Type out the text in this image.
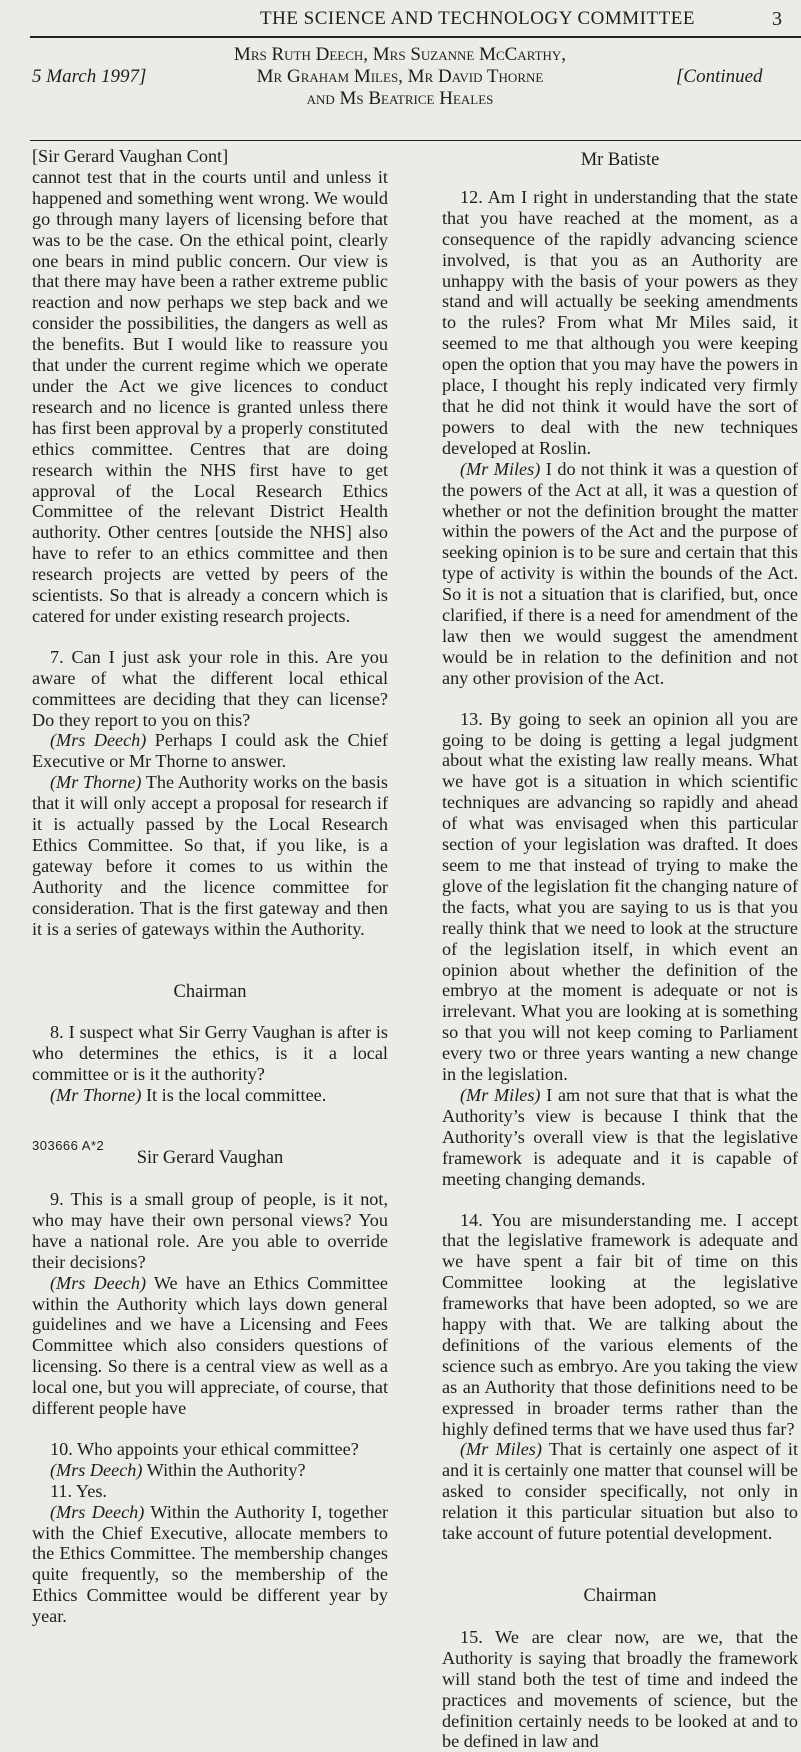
THE SCIENCE AND TECHNOLOGY COMMITTEE	3
5 March 1997]
Mrs Ruth Deech, Mrs Suzanne McCarthy,
Mr Graham Miles, Mr David Thorne
and Ms Beatrice Heales
[Continued

[Sir Gerard Vaughan Cont]

cannot test that in the courts until and unless it happened and something went wrong. We would go through many layers of licensing before that was to be the case. On the ethical point, clearly one bears in mind public concern. Our view is that there may have been a rather extreme public reaction and now perhaps we step back and we consider the possibilities, the dangers as well as the benefits. But I would like to reassure you that under the current regime which we operate under the Act we give licences to conduct research and no licence is granted unless there has first been approval by a properly constituted ethics committee. Centres that are doing research within the NHS first have to get approval of the Local Research Ethics Committee of the relevant District Health authority. Other centres [outside the NHS] also have to refer to an ethics committee and then research projects are vetted by peers of the scientists. So that is already a concern which is catered for under existing research projects.

7. Can I just ask your role in this. Are you aware of what the different local ethical committees are deciding that they can license? Do they report to you on this?

(Mrs Deech) Perhaps I could ask the Chief Executive or Mr Thorne to answer.

(Mr Thorne) The Authority works on the basis that it will only accept a proposal for research if it is actually passed by the Local Research Ethics Committee. So that, if you like, is a gateway before it comes to us within the Authority and the licence committee for consideration. That is the first gateway and then it is a series of gateways within the Authority.

Chairman

8. I suspect what Sir Gerry Vaughan is after is who determines the ethics, is it a local committee or is it the authority?

(Mr Thorne) It is the local committee.

Sir Gerard Vaughan

9. This is a small group of people, is it not, who may have their own personal views? You have a national role. Are you able to override their decisions?

(Mrs Deech) We have an Ethics Committee within the Authority which lays down general guidelines and we have a Licensing and Fees Committee which also considers questions of licensing. So there is a central view as well as a local one, but you will appreciate, of course, that different people have

10. Who appoints your ethical committee?

(Mrs Deech) Within the Authority?

11. Yes.

(Mrs Deech) Within the Authority I, together with the Chief Executive, allocate members to the Ethics Committee. The membership changes quite frequently, so the membership of the Ethics Committee would be different year by year.

Mr Batiste

12. Am I right in understanding that the state that you have reached at the moment, as a consequence of the rapidly advancing science involved, is that you as an Authority are unhappy with the basis of your powers as they stand and will actually be seeking amendments to the rules? From what Mr Miles said, it seemed to me that although you were keeping open the option that you may have the powers in place, I thought his reply indicated very firmly that he did not think it would have the sort of powers to deal with the new techniques developed at Roslin.

(Mr Miles) I do not think it was a question of the powers of the Act at all, it was a question of whether or not the definition brought the matter within the powers of the Act and the purpose of seeking opinion is to be sure and certain that this type of activity is within the bounds of the Act. So it is not a situation that is clarified, but, once clarified, if there is a need for amendment of the law then we would suggest the amendment would be in relation to the definition and not any other provision of the Act.

13. By going to seek an opinion all you are going to be doing is getting a legal judgment about what the existing law really means. What we have got is a situation in which scientific techniques are advancing so rapidly and ahead of what was envisaged when this particular section of your legislation was drafted. It does seem to me that instead of trying to make the glove of the legislation fit the changing nature of the facts, what you are saying to us is that you really think that we need to look at the structure of the legislation itself, in which event an opinion about whether the definition of the embryo at the moment is adequate or not is irrelevant. What you are looking at is something so that you will not keep coming to Parliament every two or three years wanting a new change in the legislation.

(Mr Miles) I am not sure that that is what the Authority’s view is because I think that the Authority’s overall view is that the legislative framework is adequate and it is capable of meeting changing demands.

14. You are misunderstanding me. I accept that the legislative framework is adequate and we have spent a fair bit of time on this Committee looking at the legislative frameworks that have been adopted, so we are happy with that. We are talking about the definitions of the various elements of the science such as embryo. Are you taking the view as an Authority that those definitions need to be expressed in broader terms rather than the highly defined terms that we have used thus far?

(Mr Miles) That is certainly one aspect of it and it is certainly one matter that counsel will be asked to consider specifically, not only in relation it this particular situation but also to take account of future potential development.

Chairman

15. We are clear now, are we, that the Authority is saying that broadly the framework will stand both the test of time and indeed the practices and movements of science, but the definition certainly needs to be looked at and to be defined in law and

303666 A*2
